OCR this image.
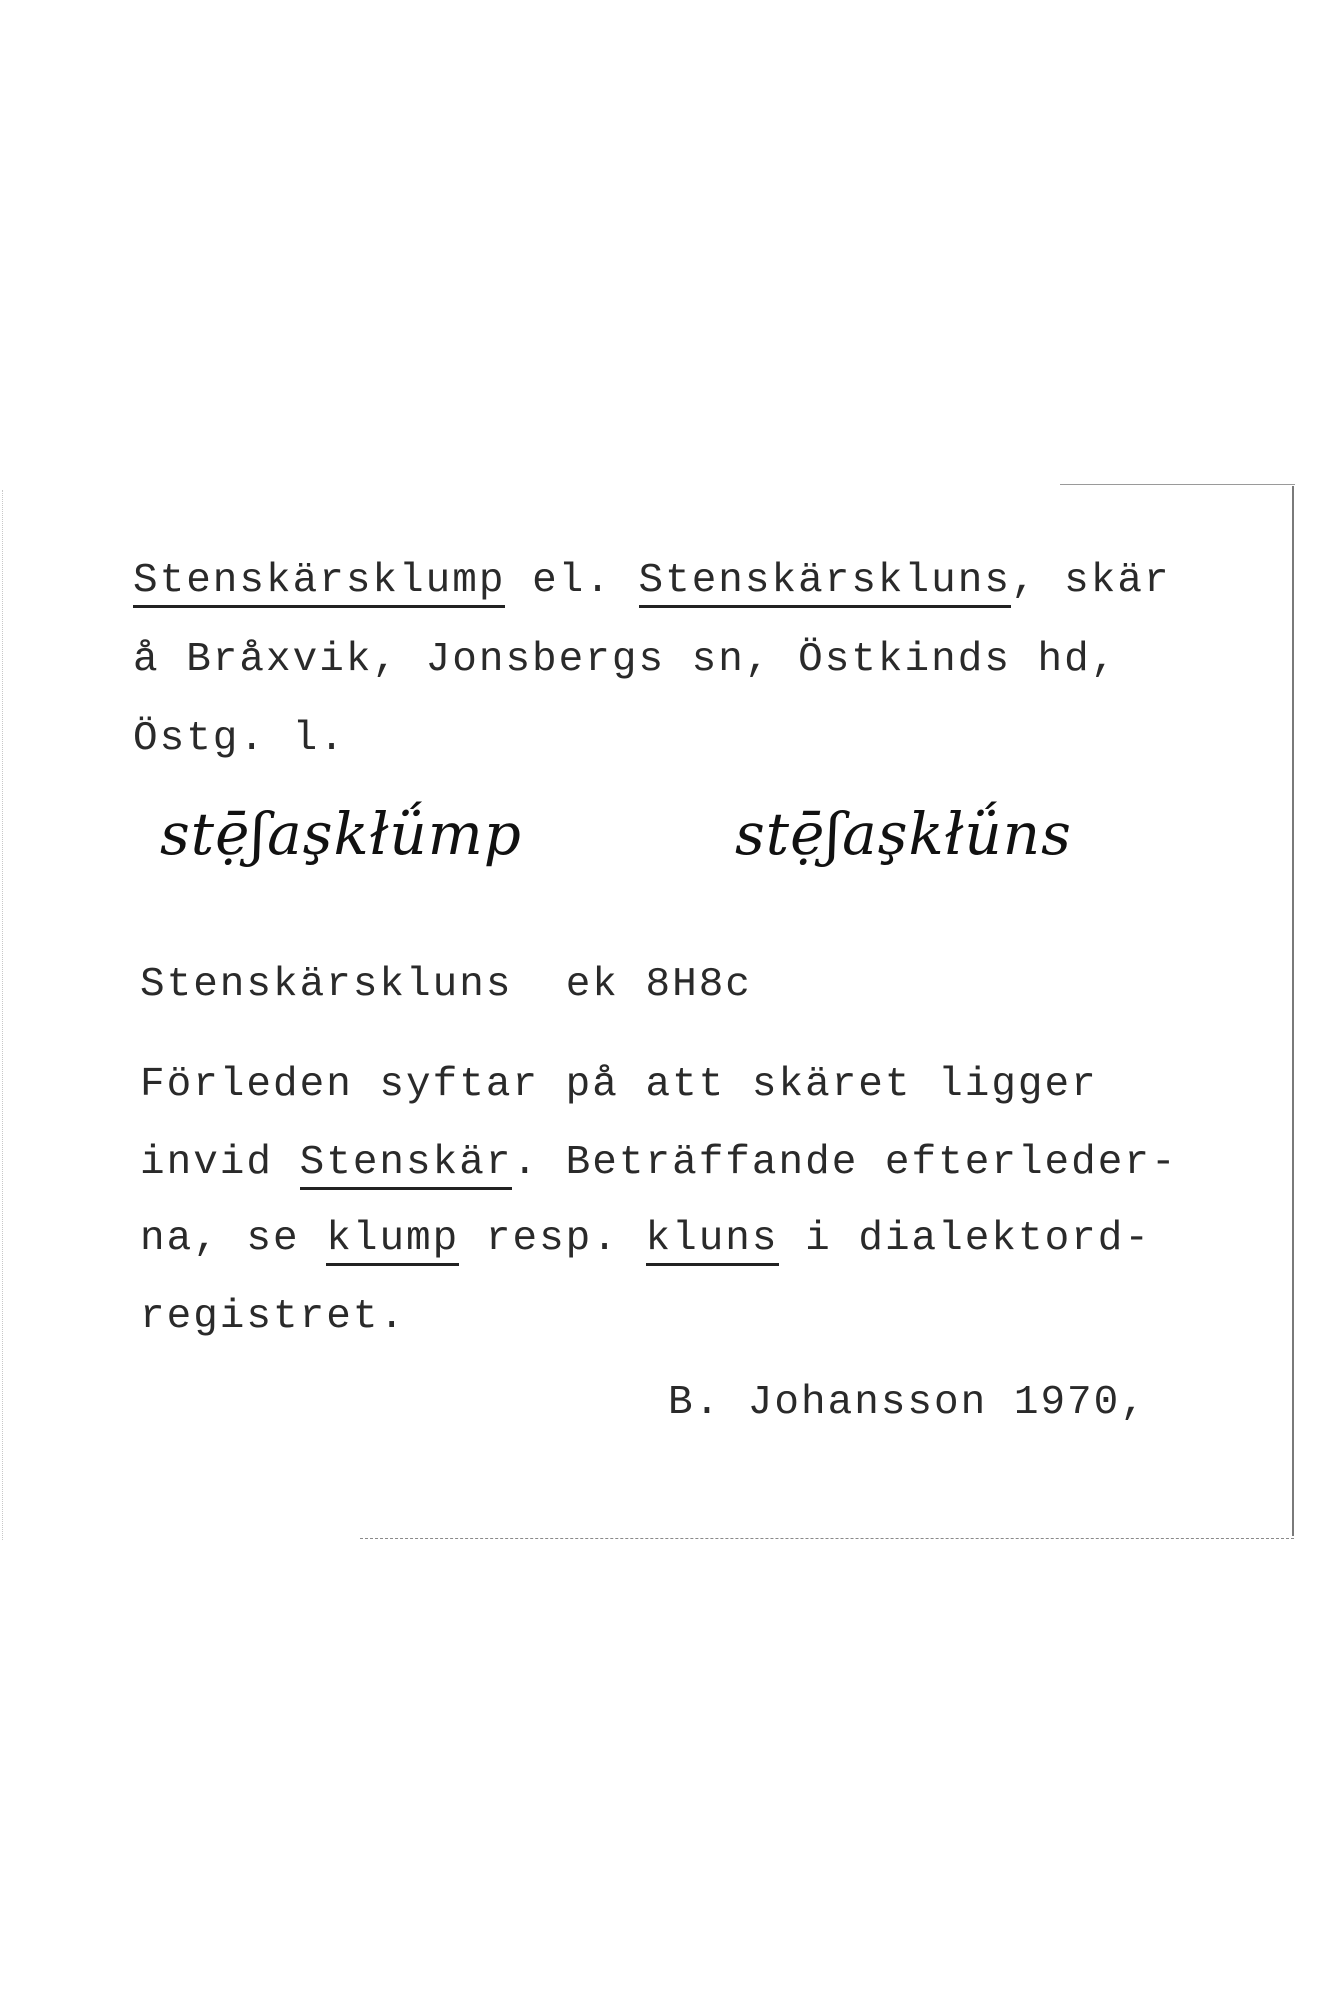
Stenskärsklump el. Stenskärskluns, skär
å Bråxvik, Jonsbergs sn, Östkinds hd,
Östg. l.
stẹ̄ʃaşkłǘmp	stẹ̄ʃaşkłǘns
Stenskärskluns ek 8H8c
Förleden syftar på att skäret ligger
invid Stenskär. Beträffande efterleder-
na, se klump resp. kluns i dialektord-
registret.
B. Johansson 1970,
